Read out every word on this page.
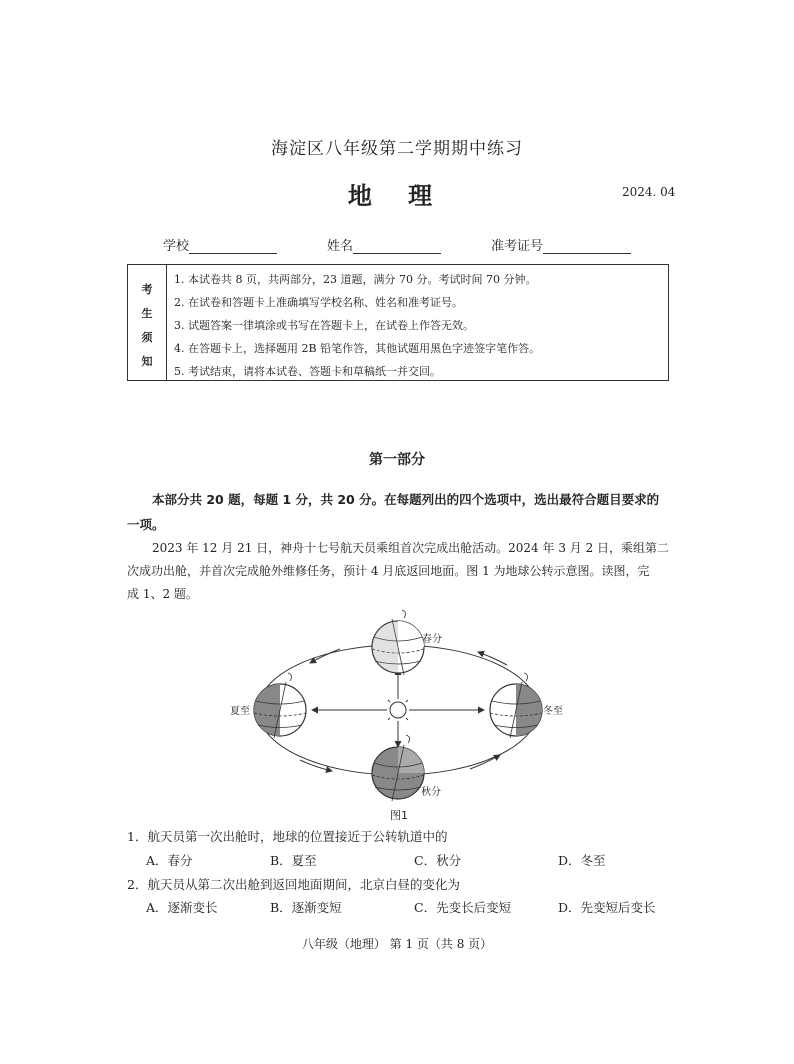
海淀区八年级第二学期期中练习
地 理	2024. 04
学校	姓名	准考证号
考
生
须
知
1. 本试卷共 8 页，共两部分，23 道题，满分 70 分。考试时间 70 分钟。
2. 在试卷和答题卡上准确填写学校名称、姓名和准考证号。
3. 试题答案一律填涂或书写在答题卡上，在试卷上作答无效。
4. 在答题卡上，选择题用 2B 铅笔作答，其他试题用黑色字迹签字笔作答。
5. 考试结束，请将本试卷、答题卡和草稿纸一并交回。
第一部分
本部分共 20 题，每题 1 分，共 20 分。在每题列出的四个选项中，选出最符合题目要求的
一项。
2023 年 12 月 21 日，神舟十七号航天员乘组首次完成出舱活动。2024 年 3 月 2 日，乘组第二
次成功出舱，并首次完成舱外维修任务，预计 4 月底返回地面。图 1 为地球公转示意图。读图，完
成 1、2 题。
春分
夏至	冬至
秋分
图1
1．航天员第一次出舱时，地球的位置接近于公转轨道中的
A．春分	B．夏至	C．秋分	D．冬至
2．航天员从第二次出舱到返回地面期间，北京白昼的变化为
A．逐渐变长	B．逐渐变短	C．先变长后变短	D．先变短后变长
八年级（地理） 第 1 页（共 8 页）
